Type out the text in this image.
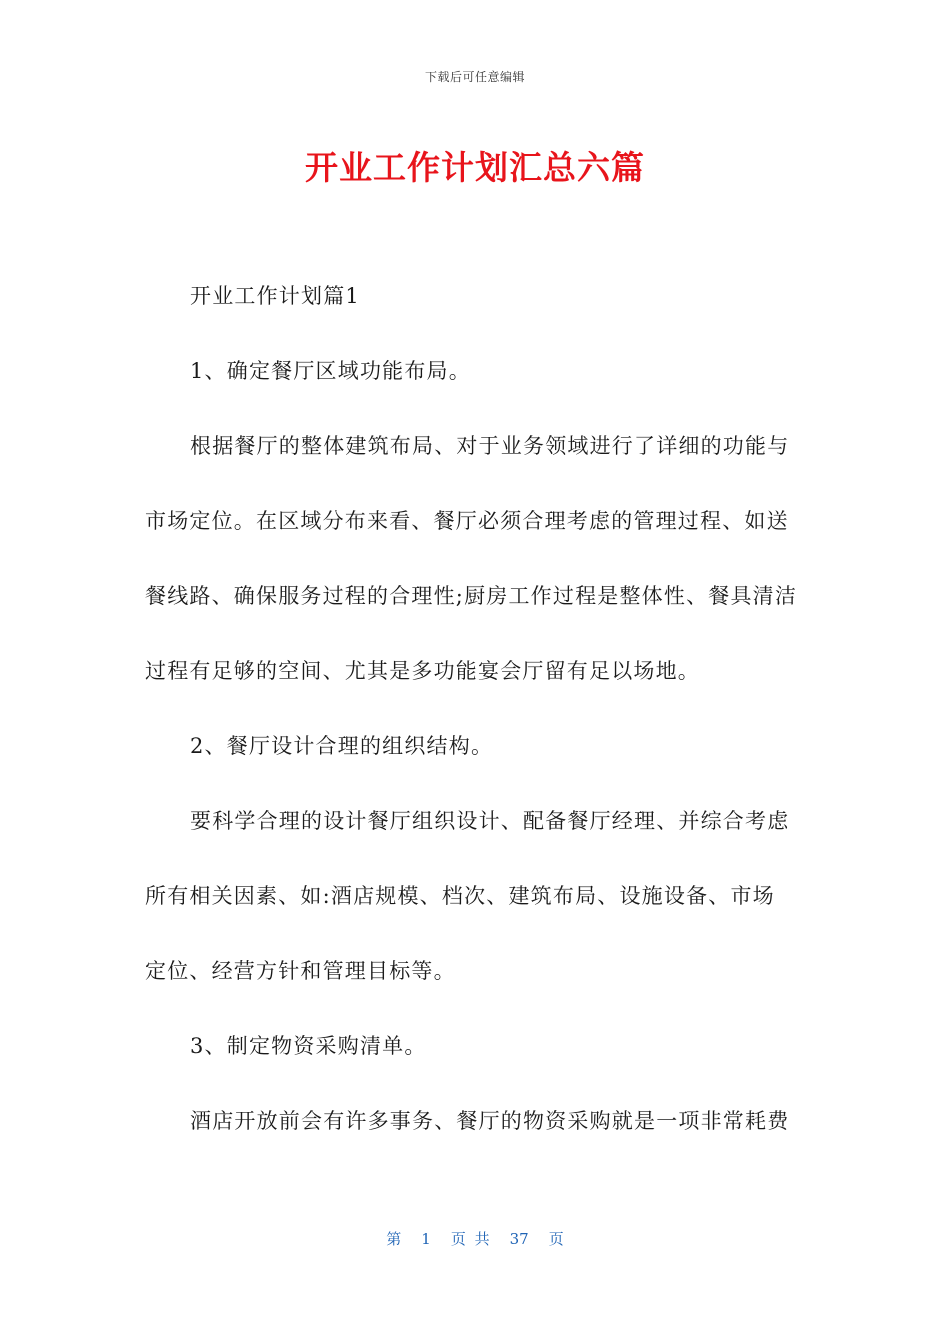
下载后可任意编辑
开业工作计划汇总六篇
开业工作计划篇1
1、确定餐厅区域功能布局。
根据餐厅的整体建筑布局、对于业务领域进行了详细的功能与
市场定位。在区域分布来看、餐厅必须合理考虑的管理过程、如送
餐线路、确保服务过程的合理性;厨房工作过程是整体性、餐具清洁
过程有足够的空间、尤其是多功能宴会厅留有足以场地。
2、餐厅设计合理的组织结构。
要科学合理的设计餐厅组织设计、配备餐厅经理、并综合考虑
所有相关因素、如:酒店规模、档次、建筑布局、设施设备、市场
定位、经营方针和管理目标等。
3、制定物资采购清单。
酒店开放前会有许多事务、餐厅的物资采购就是一项非常耗费
第 1 页 共 37 页
